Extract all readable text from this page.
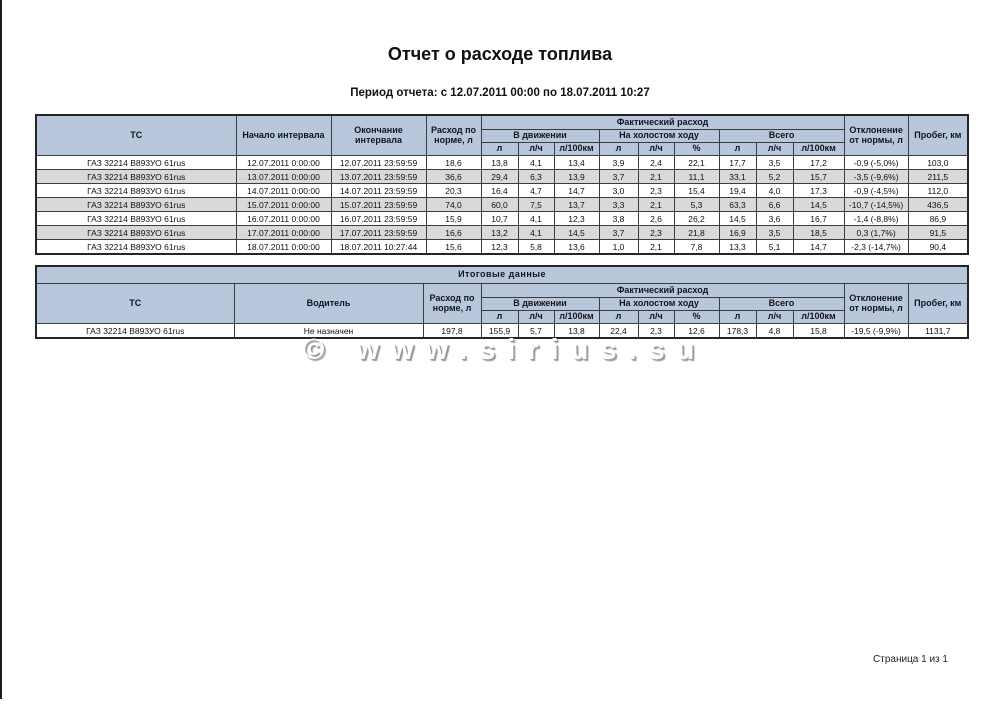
Отчет о расходе топлива
Период отчета: с 12.07.2011 00:00 по 18.07.2011 10:27
ТС	Начало интервала	Окончание интервала	Расход по норме, л	Фактический расход									Отклонение от нормы, л	Пробег, км
				В движении			На холостом ходу			Всего				
				л	л/ч	л/100км	л	л/ч	%	л	л/ч	л/100км		
ГАЗ 32214 В893УО 61rus	12.07.2011 0:00:00	12.07.2011 23:59:59	18,6	13,8	4,1	13,4	3,9	2,4	22,1	17,7	3,5	17,2	-0,9 (-5,0%)	103,0
ГАЗ 32214 В893УО 61rus	13.07.2011 0:00:00	13.07.2011 23:59:59	36,6	29,4	6,3	13,9	3,7	2,1	11,1	33,1	5,2	15,7	-3,5 (-9,6%)	211,5
ГАЗ 32214 В893УО 61rus	14.07.2011 0:00:00	14.07.2011 23:59:59	20,3	16,4	4,7	14,7	3,0	2,3	15,4	19,4	4,0	17,3	-0,9 (-4,5%)	112,0
ГАЗ 32214 В893УО 61rus	15.07.2011 0:00:00	15.07.2011 23:59:59	74,0	60,0	7,5	13,7	3,3	2,1	5,3	63,3	6,6	14,5	-10,7 (-14,5%)	436,5
ГАЗ 32214 В893УО 61rus	16.07.2011 0:00:00	16.07.2011 23:59:59	15,9	10,7	4,1	12,3	3,8	2,6	26,2	14,5	3,6	16,7	-1,4 (-8,8%)	86,9
ГАЗ 32214 В893УО 61rus	17.07.2011 0:00:00	17.07.2011 23:59:59	16,6	13,2	4,1	14,5	3,7	2,3	21,8	16,9	3,5	18,5	0,3 (1,7%)	91,5
ГАЗ 32214 В893УО 61rus	18.07.2011 0:00:00	18.07.2011 10:27:44	15,6	12,3	5,8	13,6	1,0	2,1	7,8	13,3	5,1	14,7	-2,3 (-14,7%)	90,4
Итоговые данные													
ТС	Водитель	Расход по норме, л	Фактический расход									Отклонение от нормы, л	Пробег, км
			В движении			На холостом ходу			Всего				
			л	л/ч	л/100км	л	л/ч	%	л	л/ч	л/100км		
ГАЗ 32214 В893УО 61rus	Не назначен	197,8	155,9	5,7	13,8	22,4	2,3	12,6	178,3	4,8	15,8	-19,5 (-9,9%)	1131,7
© www.sirius.su
Страница 1 из 1
